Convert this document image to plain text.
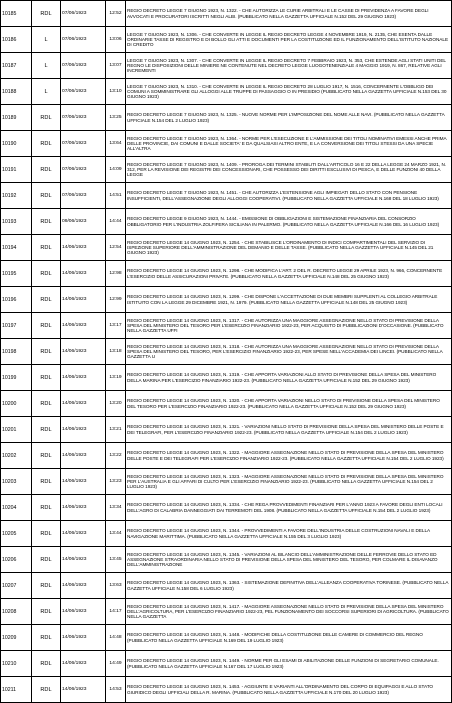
10185	RDL	07/06/1923	12:52	REGIO DECRETO LEGGE 7 GIUGNO 1923, N. 1322. - CHE AUTORIZZA LE CURIE ARBITRALI E LE CASSE DI PREVIDENZA A FAVORE DEGLI AVVOCATI E PROCURATORI ISCRITTI NEGLI ALBI. (PUBBLICATO NELLA GAZZETTA UFFICIALE N.152 DEL 29 GIUGNO 1923)
10186	L	07/06/1923	13:06	LEGGE 7 GIUGNO 1923, N. 1306. - CHE CONVERTE IN LEGGE IL REGIO DECRETO LEGGE 4 NOVEMBRE 1919, N. 2135, CHE ESENTA DALLE ORDINARIE TASSE DI REGISTRO E DI BOLLO GLI ATTI E DOCUMENTI PER LA COSTITUZIONE ED IL FUNZIONAMENTO DELL'ISTITUTO NAZIONALE DI CREDITO
10187	L	07/06/1923	13:07	LEGGE 7 GIUGNO 1923, N. 1307. - CHE CONVERTE IN LEGGE IL REGIO DECRETO 7 FEBBRAIO 1923, N. 353, CHE ESTENDE AGLI STATI UNITI DEL REGNO LE DISPOSIZIONI DELLE MINIERE NE CONTENUTE NEL DECRETO LEGGE LUOGOTENENZIALE 4 MAGGIO 1919, N. 867, RELATIVE AGLI INCREMENTI
10188	L	07/06/1923	13:10	LEGGE 7 GIUGNO 1923, N. 1310. - CHE CONVERTE IN LEGGE IL REGIO DECRETO 28 LUGLIO 1917, N. 1516, CONCERNENTE L'OBBLIGO DEI COMUNI A SOMMINISTRARE GLI ALLOGGI ALLE TRUPPE DI PASSAGGIO O IN PRESIDIO (PUBBLICATO NELLA GAZZETTA UFFICIALE N.153 DEL 30 GIUGNO 1923)
10189	RDL	07/06/1923	13:25	REGIO DECRETO LEGGE 7 GIUGNO 1923, N. 1325. - NUOVE NORME PER L'IMPOSIZIONE DEL NOME ALLE NAVI. (PUBBLICATO NELLA GAZZETTA UFFICIALE N.154 DEL 2 LUGLIO 1923)
10190	RDL	07/06/1923	13:64	REGIO DECRETO LEGGE 7 GIUGNO 1923, N. 1364. - NORME PER L'ESECUZIONE E L'AMMISSIONE DEI TITOLI NOMINATIVI EMESSI ANCHE PRIMA DELLE PROVINCIE, DAI COMUNI E DALLE SOCIETA' E DA QUALSIASI ALTRO ENTE, E LA CONVERSIONE DEI TITOLI STESSI DA UNA SPECIE ALL'ALTRA
10191	RDL	07/06/1923	14:09	REGIO DECRETO LEGGE 7 GIUGNO 1923, N. 1409. - PROROGA DEI TERMINI STABILITI DALL'ARTICOLO 16 E 22 DELLA LEGGE 24 MARZO 1921, N. 312, PER LA REVISIONE DEI REGISTRI DEI CONCESSIONARI, CHE POSSESSO DEI DIRITTI ESCLUSIVI DI PESCA, E DELLE FUNZIONI 40 DELLA LEGGE
10192	RDL	07/06/1923	14:51	REGIO DECRETO LEGGE 7 GIUGNO 1923, N. 1451. - CHE AUTORIZZA L'ESTENSIONE AGLI IMPIEGATI DELLO STATO CON PENSIONE INSUFFICIENTI, DELL'ASSEGNAZIONE DEGLI ALLOGGI COOPERATIVI. (PUBBLICATO NELLA GAZZETTA UFFICIALE N.168 DEL 18 LUGLIO 1923)
10193	RDL	09/06/1923	14:44	REGIO DECRETO LEGGE 9 GIUGNO 1923, N. 1444. - EMISSIONE DI OBBLIGAZIONI E SISTEMAZIONE FINANZIARIA DEL CONSORZIO OBBLIGATORIO PER L'INDUSTRIA ZOLFIFERA SICILIANA IN PALERMO. (PUBBLICATO NELLA GAZZETTA UFFICIALE N.166 DEL 16 LUGLIO 1923)
10194	RDL	14/06/1923	12:54	REGIO DECRETO LEGGE 14 GIUGNO 1923, N. 1254. - CHE STABILISCE L'ORDINAMENTO DI INDICI COMPARTIMENTALI DEL SERVIZIO DI ISPEZIONE SUPERIORE DELL'AMMINISTRAZIONE DEL DEMANIO E DELLE TASSE. (PUBBLICATO NELLA GAZZETTA UFFICIALE N.145 DEL 21 GIUGNO 1923)
10195	RDL	14/06/1923	12:98	REGIO DECRETO LEGGE 14 GIUGNO 1923, N. 1298. - CHE MODIFICA L'ART. 2 DEL R. DECRETO LEGGE 29 APRILE 1923, N. 966, CONCERNENTE L'ESERCIZIO DELLE ASSICURAZIONI PRIVATE. (PUBBLICATO NELLA GAZZETTA UFFICIALE N.148 DEL 25 GIUGNO 1923)
10196	RDL	14/06/1923	12:99	REGIO DECRETO LEGGE 14 GIUGNO 1923, N. 1299. - CHE DISPONE L'ACCETTAZIONE DI DUE MEMBRI SUPPLENTI AL COLLEGIO ARBITRALE ISTITUITO CON LA LEGGE 29 DICEMBRE 1921, N. 1979. (PUBBLICATO NELLA GAZZETTA UFFICIALE N.148 DEL 25 GIUGNO 1923)
10197	RDL	14/06/1923	13:17	REGIO DECRETO LEGGE 14 GIUGNO 1923, N. 1317. - CHE AUTORIZZA UNA MAGGIORE ASSEGNAZIONE NELLO STATO DI PREVISIONE DELLA SPESA DEL MINISTERO DEL TESORO PER L'ESERCIZIO FINANZIARIO 1922-23, PER ACQUISTO DI PUBBLICAZIONI D'OCCASIONE. (PUBBLICATO NELLA GAZZETTA UFFI
10198	RDL	14/06/1923	13:18	REGIO DECRETO LEGGE 14 GIUGNO 1923, N. 1318. - CHE AUTORIZZA UNA MAGGIORE ASSEGNAZIONE NELLO STATO DI PREVISIONE DELLA SPESA DEL MINISTERO DEL TESORO, PER L'ESERCIZIO FINANZIARIO 1922-23, PER SPESE NELL'ACCADEMIA DEI LINCEI. (PUBBLICATO NELLA GAZZETTA U
10199	RDL	14/06/1923	13:19	REGIO DECRETO LEGGE 14 GIUGNO 1923, N. 1319. - CHE APPORTA VARIAZIONI ALLO STATO DI PREVISIONE DELLA SPESA DEL MINISTERO DELLA MARINA PER L'ESERCIZIO FINANZIARIO 1922-23. (PUBBLICATO NELLA GAZZETTA UFFICIALE N.152 DEL 29 GIUGNO 1923)
10200	RDL	14/06/1923	13:20	REGIO DECRETO LEGGE 14 GIUGNO 1923, N. 1320. - CHE APPORTA VARIAZIONI NELLO STATO DI PREVISIONE DELLA SPESA DEL MINISTERO DEL TESORO PER L'ESERCIZIO FINANZIARIO 1922-23. (PUBBLICATO NELLA GAZZETTA UFFICIALE N.152 DEL 29 GIUGNO 1923)
10201	RDL	14/06/1923	13:21	REGIO DECRETO LEGGE 14 GIUGNO 1923, N. 1321. - VARIAZIONI NELLO STATO DI PREVISIONE DELLA SPESA DEL MINISTERO DELLE POSTE E DEI TELEGRAFI, PER L'ESERCIZIO FINANZIARIO 1922-23. (PUBBLICATO NELLA GAZZETTA UFFICIALE N.154 DEL 2 LUGLIO 1923)
10202	RDL	14/06/1923	13:22	REGIO DECRETO LEGGE 14 GIUGNO 1923, N. 1322. - MAGGIORE ASSEGNAZIONE NELLO STATO DI PREVISIONE DELLA SPESA DEL MINISTERO DELLE POSTE E DEI TELEGRAFI PER L'ESERCIZIO FINANZIARIO 1922-23. (PUBBLICATO NELLA GAZZETTA UFFICIALE N.154 DEL 2 LUGLIO 1923)
10203	RDL	14/06/1923	13:23	REGIO DECRETO LEGGE 14 GIUGNO 1923, N. 1323. - MAGGIORE ASSEGNAZIONE NELLO STATO DI PREVISIONE DELLA SPESA DEL MINISTERO PER L'AUSTRALIA E GLI AFFARI DI CULTO PER L'ESERCIZIO FINANZIARIO 1922-23. (PUBBLICATO NELLA GAZZETTA UFFICIALE N.154 DEL 2 LUGLIO 1923)
10204	RDL	14/06/1923	13:34	REGIO DECRETO LEGGE 14 GIUGNO 1923, N. 1334. - CHE REGA PROVVEDIMENTI FINANZIARI PER L'ANNO 1923 A FAVORE DEGLI ENTI LOCALI DELL'AGRO DI CALABRIA DANNEGGIATI DAI TERREMOTI DEL 1908. (PUBBLICATO NELLA GAZZETTA UFFICIALE N.154 DEL 2 LUGLIO 1923)
10205	RDL	14/06/1923	13:44	REGIO DECRETO LEGGE 14 GIUGNO 1923, N. 1344. - PROVVEDIMENTI A FAVORE DELL'INDUSTRIA DELLE COSTRUZIONI NAVALI E DELLA NAVIGAZIONE MARITTIMA. (PUBBLICATO NELLA GAZZETTA UFFICIALE N.155 DEL 3 LUGLIO 1923)
10206	RDL	14/06/1923	13:45	REGIO DECRETO LEGGE 14 GIUGNO 1923, N. 1345. - VARIAZIONI AL BILANCIO DELL'AMMINISTRAZIONE DELLE FERROVIE DELLO STATO ED ASSEGNAZIONE STRAORDINARIA NELLO STATO DI PREVISIONE DELLA SPESA DEL MINISTERO DEL TESORO, PER COLMARE IL DISAVANZO DELL'AMMINISTRAZIONE
10207	RDL	14/06/1923	13:63	REGIO DECRETO LEGGE 14 GIUGNO 1923, N. 1363. - SISTEMAZIONE DEFINITIVA DELL'ALLEANZA COOPERATIVA TORINESE. (PUBBLICATO NELLA GAZZETTA UFFICIALE N.158 DEL 6 LUGLIO 1923)
10208	RDL	14/06/1923	14:17	REGIO DECRETO LEGGE 14 GIUGNO 1923, N. 1417. - MAGGIORE ASSEGNAZIONE NELLO STATO DI PREVISIONE DELLA SPESA DEL MINISTERO DELL'AGRICOLTURA, PER L'ESERCIZIO FINANZIARIO 1922-23, PEL FUNZIONAMENTO DEI SOCCORSI SUPERIORI DI AGRICOLTURA. (PUBBLICATO NELLA GAZZETTA
10209	RDL	14/06/1923	14:48	REGIO DECRETO LEGGE 14 GIUGNO 1923, N. 1448. - MODIFICHE DELLA COSTITUZIONE DELLE CAMERE DI COMMERCIO DEL REGNO (PUBBLICATO NELLA GAZZETTA UFFICIALE N.169 DEL 19 LUGLIO 1923)
10210	RDL	14/06/1923	14:49	REGIO DECRETO LEGGE 14 GIUGNO 1923, N. 1449. - NORME PER GLI ESAMI DI ABILITAZIONE DELLE FUNZIONI DI SEGRETARIO COMUNALE. (PUBBLICATO NELLA GAZZETTA UFFICIALE N.167 DEL 17 LUGLIO 1923)
10211	RDL	14/06/1923	14:53	REGIO DECRETO LEGGE 14 GIUGNO 1923, N. 1453. - AGGIUNTE E VARIANTI ALL'ORDINAMENTO DEL CORPO DI EQUIPAGGI E ALLO STATO GIURIDICO DEGLI UFFICIALI DELLA R. MARINA. (PUBBLICATO NELLA GAZZETTA UFFICIALE N.170 DEL 20 LUGLIO 1923)
